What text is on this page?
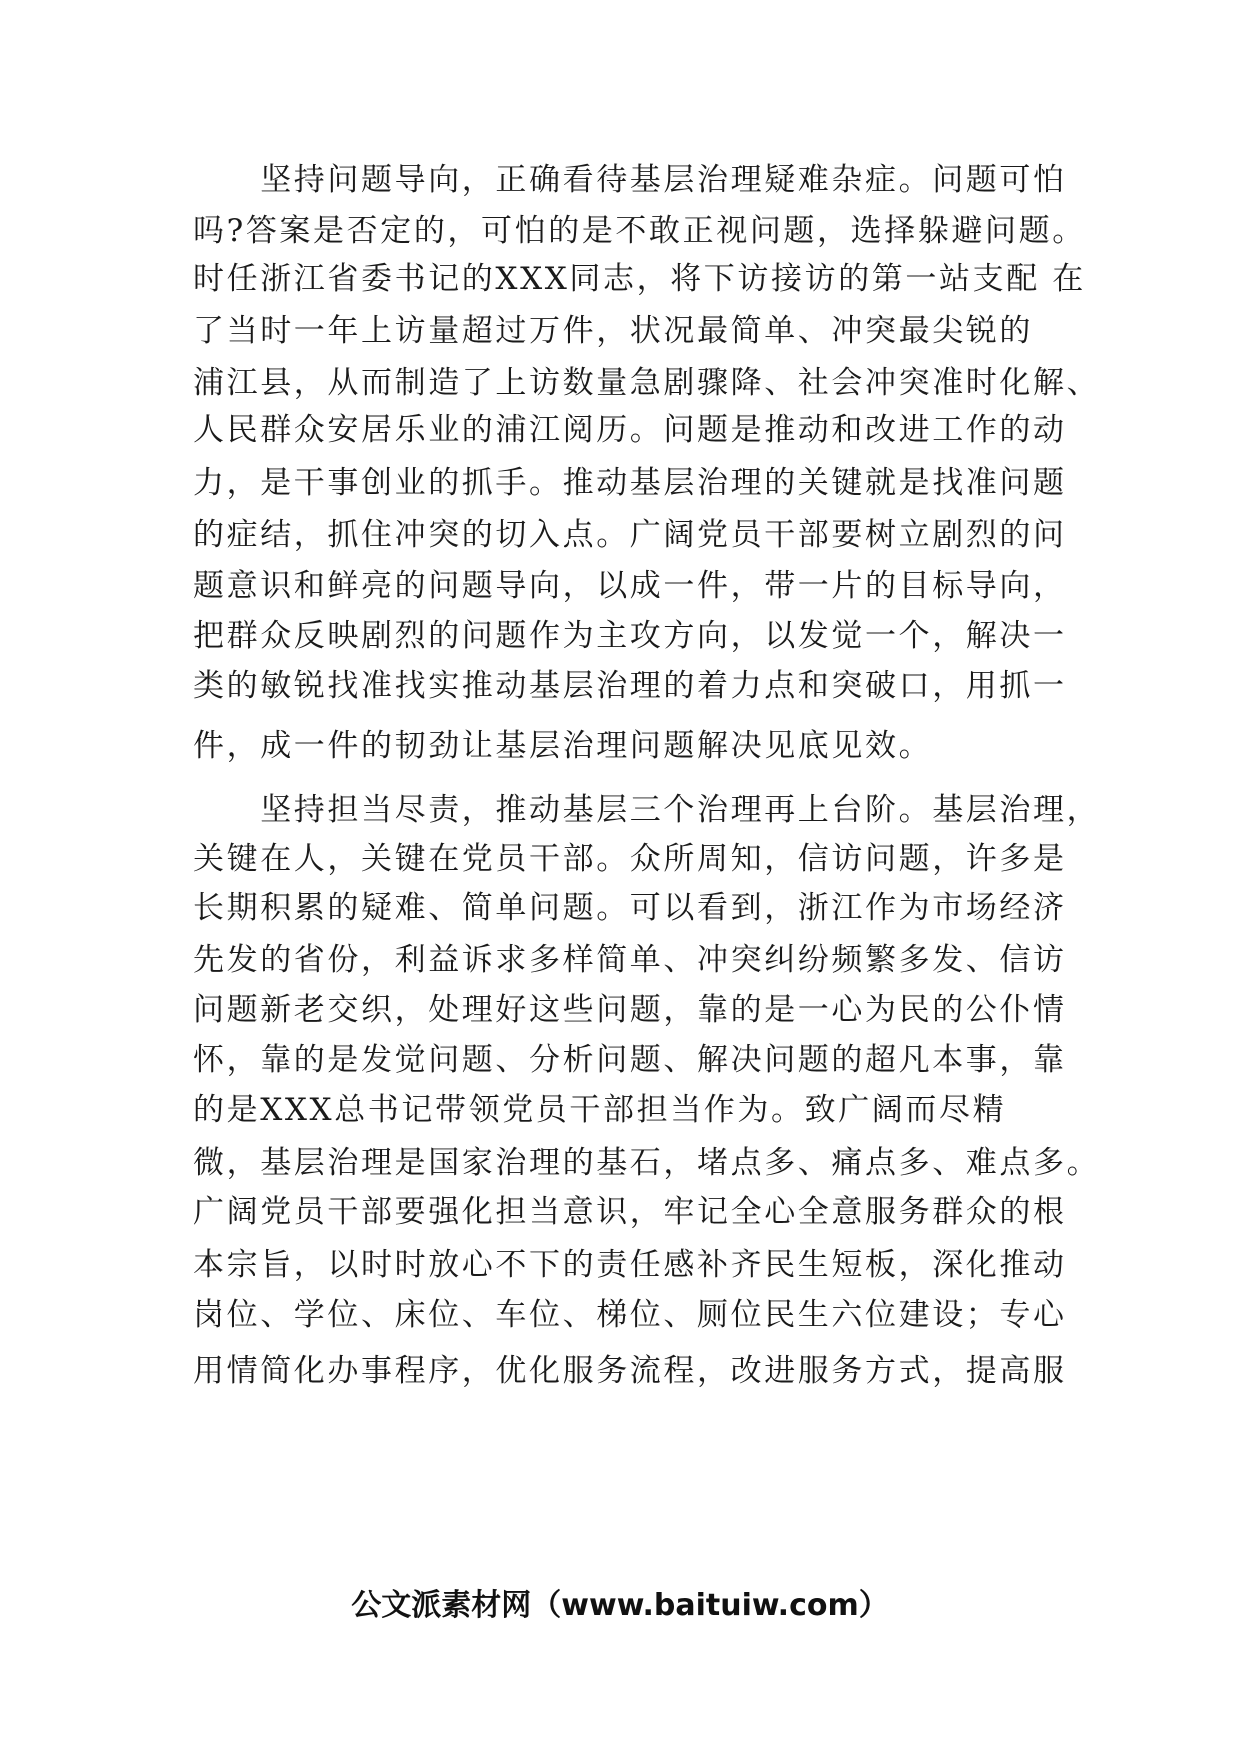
　　坚持问题导向，正确看待基层治理疑难杂症。问题可怕
吗?答案是否定的，可怕的是不敢正视问题，选择躲避问题。
时任浙江省委书记的XXX同志，将下访接访的第一站支配 在
了当时一年上访量超过万件，状况最简单、冲突最尖锐的
浦江县，从而制造了上访数量急剧骤降、社会冲突准时化解、
人民群众安居乐业的浦江阅历。问题是推动和改进工作的动
力，是干事创业的抓手。推动基层治理的关键就是找准问题
的症结，抓住冲突的切入点。广阔党员干部要树立剧烈的问
题意识和鲜亮的问题导向，以成一件，带一片的目标导向，
把群众反映剧烈的问题作为主攻方向，以发觉一个，解决一
类的敏锐找准找实推动基层治理的着力点和突破口，用抓一
件，成一件的韧劲让基层治理问题解决见底见效。
　　坚持担当尽责，推动基层三个治理再上台阶。基层治理，
关键在人，关键在党员干部。众所周知，信访问题，许多是
长期积累的疑难、简单问题。可以看到，浙江作为市场经济
先发的省份，利益诉求多样简单、冲突纠纷频繁多发、信访
问题新老交织，处理好这些问题，靠的是一心为民的公仆情
怀，靠的是发觉问题、分析问题、解决问题的超凡本事，靠
的是XXX总书记带领党员干部担当作为。致广阔而尽精
微，基层治理是国家治理的基石，堵点多、痛点多、难点多。
广阔党员干部要强化担当意识，牢记全心全意服务群众的根
本宗旨，以时时放心不下的责任感补齐民生短板，深化推动
岗位、学位、床位、车位、梯位、厕位民生六位建设；专心
用情简化办事程序，优化服务流程，改进服务方式，提高服
公文派素材网（www.baituiw.com）
